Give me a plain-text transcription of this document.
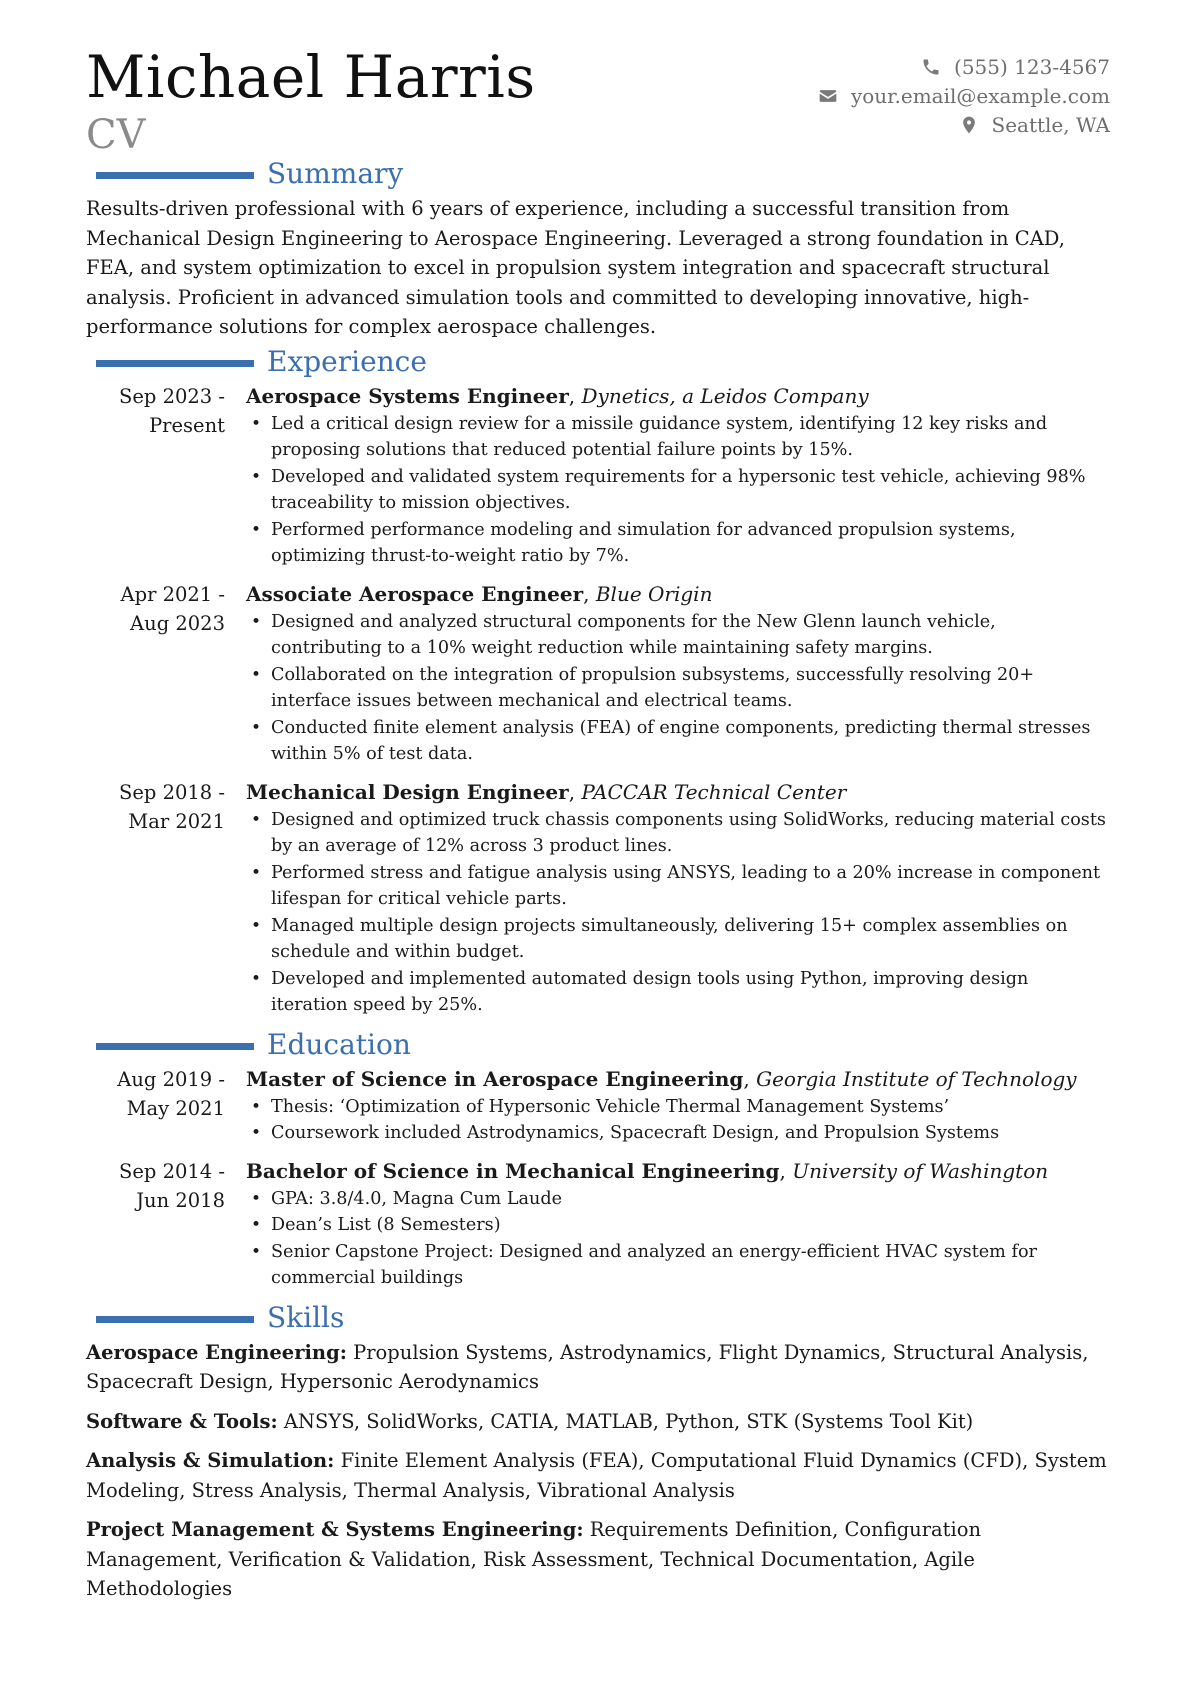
Michael Harris
CV
(555) 123-4567
your.email@example.com
Seattle, WA
Summary
Results-driven professional with 6 years of experience, including a successful transition from Mechanical Design Engineering to Aerospace Engineering. Leveraged a strong foundation in CAD, FEA, and system optimization to excel in propulsion system integration and spacecraft structural analysis. Proficient in advanced simulation tools and committed to developing innovative, high-performance solutions for complex aerospace challenges.
Experience
Sep 2023 - Present
Aerospace Systems Engineer, Dynetics, a Leidos Company
• Led a critical design review for a missile guidance system, identifying 12 key risks and proposing solutions that reduced potential failure points by 15%.
• Developed and validated system requirements for a hypersonic test vehicle, achieving 98% traceability to mission objectives.
• Performed performance modeling and simulation for advanced propulsion systems, optimizing thrust-to-weight ratio by 7%.
Apr 2021 - Aug 2023
Associate Aerospace Engineer, Blue Origin
• Designed and analyzed structural components for the New Glenn launch vehicle, contributing to a 10% weight reduction while maintaining safety margins.
• Collaborated on the integration of propulsion subsystems, successfully resolving 20+ interface issues between mechanical and electrical teams.
• Conducted finite element analysis (FEA) of engine components, predicting thermal stresses within 5% of test data.
Sep 2018 - Mar 2021
Mechanical Design Engineer, PACCAR Technical Center
• Designed and optimized truck chassis components using SolidWorks, reducing material costs by an average of 12% across 3 product lines.
• Performed stress and fatigue analysis using ANSYS, leading to a 20% increase in component lifespan for critical vehicle parts.
• Managed multiple design projects simultaneously, delivering 15+ complex assemblies on schedule and within budget.
• Developed and implemented automated design tools using Python, improving design iteration speed by 25%.
Education
Aug 2019 - May 2021
Master of Science in Aerospace Engineering, Georgia Institute of Technology
• Thesis: ‘Optimization of Hypersonic Vehicle Thermal Management Systems’
• Coursework included Astrodynamics, Spacecraft Design, and Propulsion Systems
Sep 2014 - Jun 2018
Bachelor of Science in Mechanical Engineering, University of Washington
• GPA: 3.8/4.0, Magna Cum Laude
• Dean’s List (8 Semesters)
• Senior Capstone Project: Designed and analyzed an energy-efficient HVAC system for commercial buildings
Skills
Aerospace Engineering: Propulsion Systems, Astrodynamics, Flight Dynamics, Structural Analysis, Spacecraft Design, Hypersonic Aerodynamics
Software & Tools: ANSYS, SolidWorks, CATIA, MATLAB, Python, STK (Systems Tool Kit)
Analysis & Simulation: Finite Element Analysis (FEA), Computational Fluid Dynamics (CFD), System Modeling, Stress Analysis, Thermal Analysis, Vibrational Analysis
Project Management & Systems Engineering: Requirements Definition, Configuration Management, Verification & Validation, Risk Assessment, Technical Documentation, Agile Methodologies
